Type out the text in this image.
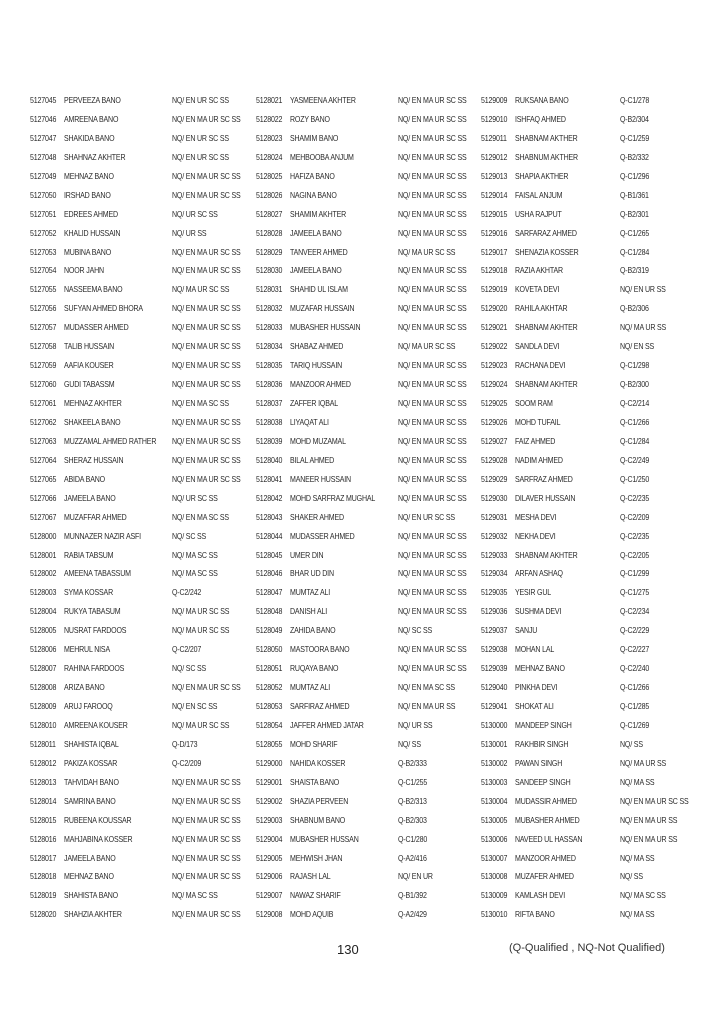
5127045 PERVEEZA BANO	NQ/ EN UR SC SS
5127046 AMREENA BANO	NQ/ EN MA UR SC SS
5127047 SHAKIDA BANO	NQ/ EN UR SC SS
5127048 SHAHNAZ AKHTER	NQ/ EN UR SC SS
5127049 MEHNAZ BANO	NQ/ EN MA UR SC SS
5127050 IRSHAD BANO	NQ/ EN MA UR SC SS
5127051 EDREES AHMED	NQ/ UR SC SS
5127052 KHALID HUSSAIN	NQ/ UR SS
5127053 MUBINA BANO	NQ/ EN MA UR SC SS
5127054 NOOR JAHN	NQ/ EN MA UR SC SS
5127055 NASSEEMA BANO	NQ/ MA UR SC SS
5127056 SUFYAN AHMED BHORA	NQ/ EN MA UR SC SS
5127057 MUDASSER AHMED	NQ/ EN MA UR SC SS
5127058 TALIB HUSSAIN	NQ/ EN MA UR SC SS
5127059 AAFIA KOUSER	NQ/ EN MA UR SC SS
5127060 GUDI TABASSM	NQ/ EN MA UR SC SS
5127061 MEHNAZ AKHTER	NQ/ EN MA SC SS
5127062 SHAKEELA BANO	NQ/ EN MA UR SC SS
5127063 MUZZAMAL AHMED RATHER NQ/ EN MA UR SC SS
5127064 SHERAZ HUSSAIN	NQ/ EN MA UR SC SS
5127065 ABIDA BANO	NQ/ EN MA UR SC SS
5127066 JAMEELA BANO	NQ/ UR SC SS
5127067 MUZAFFAR AHMED	NQ/ EN MA SC SS
5128000 MUNNAZER NAZIR ASFI	NQ/ SC SS
5128001 RABIA TABSUM	NQ/ MA SC SS
5128002 AMEENA TABASSUM	NQ/ MA SC SS
5128003 SYMA KOSSAR	Q-C2/242
5128004 RUKYA TABASUM	NQ/ MA UR SC SS
5128005 NUSRAT FARDOOS	NQ/ MA UR SC SS
5128006 MEHRUL NISA	Q-C2/207
5128007 RAHINA FARDOOS	NQ/ SC SS
5128008 ARIZA BANO	NQ/ EN MA UR SC SS
5128009 ARUJ FAROOQ	NQ/ EN SC SS
5128010 AMREENA KOUSER	NQ/ MA UR SC SS
5128011 SHAHISTA IQBAL	Q-D/173
5128012 PAKIZA KOSSAR	Q-C2/209
5128013 TAHVIDAH BANO	NQ/ EN MA UR SC SS
5128014 SAMRINA BANO	NQ/ EN MA UR SC SS
5128015 RUBEENA KOUSSAR	NQ/ EN MA UR SC SS
5128016 MAHJABINA KOSSER	NQ/ EN MA UR SC SS
5128017 JAMEELA BANO	NQ/ EN MA UR SC SS
5128018 MEHNAZ BANO	NQ/ EN MA UR SC SS
5128019 SHAHISTA BANO	NQ/ MA SC SS
5128020 SHAHZIA AKHTER	NQ/ EN MA UR SC SS
5128021 YASMEENA AKHTER	NQ/ EN MA UR SC SS
5128022 ROZY BANO	NQ/ EN MA UR SC SS
5128023 SHAMIM BANO	NQ/ EN MA UR SC SS
5128024 MEHBOOBA ANJUM	NQ/ EN MA UR SC SS
5128025 HAFIZA BANO	NQ/ EN MA UR SC SS
5128026 NAGINA BANO	NQ/ EN MA UR SC SS
5128027 SHAMIM AKHTER	NQ/ EN MA UR SC SS
5128028 JAMEELA BANO	NQ/ EN MA UR SC SS
5128029 TANVEER AHMED	NQ/ MA UR SC SS
5128030 JAMEELA BANO	NQ/ EN MA UR SC SS
5128031 SHAHID UL ISLAM	NQ/ EN MA UR SC SS
5128032 MUZAFAR HUSSAIN	NQ/ EN MA UR SC SS
5128033 MUBASHER HUSSAIN	NQ/ EN MA UR SC SS
5128034 SHABAZ AHMED	NQ/ MA UR SC SS
5128035 TARIQ HUSSAIN	NQ/ EN MA UR SC SS
5128036 MANZOOR AHMED	NQ/ EN MA UR SC SS
5128037 ZAFFER IQBAL	NQ/ EN MA UR SC SS
5128038 LIYAQAT ALI	NQ/ EN MA UR SC SS
5128039 MOHD MUZAMAL	NQ/ EN MA UR SC SS
5128040 BILAL AHMED	NQ/ EN MA UR SC SS
5128041 MANEER HUSSAIN	NQ/ EN MA UR SC SS
5128042 MOHD SARFRAZ MUGHAL	NQ/ EN MA UR SC SS
5128043 SHAKER AHMED	NQ/ EN UR SC SS
5128044 MUDASSER AHMED	NQ/ EN MA UR SC SS
5128045 UMER DIN	NQ/ EN MA UR SC SS
5128046 BHAR UD DIN	NQ/ EN MA UR SC SS
5128047 MUMTAZ ALI	NQ/ EN MA UR SC SS
5128048 DANISH ALI	NQ/ EN MA UR SC SS
5128049 ZAHIDA BANO	NQ/ SC SS
5128050 MASTOORA BANO	NQ/ EN MA UR SC SS
5128051 RUQAYA BANO	NQ/ EN MA UR SC SS
5128052 MUMTAZ ALI	NQ/ EN MA SC SS
5128053 SARFIRAZ AHMED	NQ/ EN MA UR SS
5128054 JAFFER AHMED JATAR	NQ/ UR SS
5128055 MOHD SHARIF	NQ/ SS
5129000 NAHIDA KOSSER	Q-B2/333
5129001 SHAISTA BANO	Q-C1/255
5129002 SHAZIA PERVEEN	Q-B2/313
5129003 SHABNUM BANO	Q-B2/303
5129004 MUBASHER HUSSAN	Q-C1/280
5129005 MEHWISH JHAN	Q-A2/416
5129006 RAJASH LAL	NQ/ EN UR
5129007 NAWAZ SHARIF	Q-B1/392
5129008 MOHD AQUIB	Q-A2/429
5129009 RUKSANA BANO	Q-C1/278
5129010 ISHFAQ AHMED	Q-B2/304
5129011 SHABNAM AKTHER	Q-C1/259
5129012 SHABNUM AKTHER	Q-B2/332
5129013 SHAPIA AKTHER	Q-C1/296
5129014 FAISAL ANJUM	Q-B1/361
5129015 USHA RAJPUT	Q-B2/301
5129016 SARFARAZ AHMED	Q-C1/265
5129017 SHENAZIA KOSSER	Q-C1/284
5129018 RAZIA AKHTAR	Q-B2/319
5129019 KOVETA DEVI	NQ/ EN UR SS
5129020 RAHILA AKHTAR	Q-B2/306
5129021 SHABNAM AKHTER	NQ/ MA UR SS
5129022 SANDLA DEVI	NQ/ EN SS
5129023 RACHANA DEVI	Q-C1/298
5129024 SHABNAM AKHTER	Q-B2/300
5129025 SOOM RAM	Q-C2/214
5129026 MOHD TUFAIL	Q-C1/266
5129027 FAIZ AHMED	Q-C1/284
5129028 NADIM AHMED	Q-C2/249
5129029 SARFRAZ AHMED	Q-C1/250
5129030 DILAVER HUSSAIN	Q-C2/235
5129031 MESHA DEVI	Q-C2/209
5129032 NEKHA DEVI	Q-C2/235
5129033 SHABNAM AKHTER	Q-C2/205
5129034 ARFAN ASHAQ	Q-C1/299
5129035 YESIR GUL	Q-C1/275
5129036 SUSHMA DEVI	Q-C2/234
5129037 SANJU	Q-C2/229
5129038 MOHAN LAL	Q-C2/227
5129039 MEHNAZ BANO	Q-C2/240
5129040 PINKHA DEVI	Q-C1/266
5129041 SHOKAT ALI	Q-C1/285
5130000 MANDEEP SINGH	Q-C1/269
5130001 RAKHBIR SINGH	NQ/ SS
5130002 PAWAN SINGH	NQ/ MA UR SS
5130003 SANDEEP SINGH	NQ/ MA SS
5130004 MUDASSIR AHMED	NQ/ EN MA UR SC SS
5130005 MUBASHER AHMED	NQ/ EN MA UR SS
5130006 NAVEED UL HASSAN	NQ/ EN MA UR SS
5130007 MANZOOR AHMED	NQ/ MA SS
5130008 MUZAFER AHMED	NQ/ SS
5130009 KAMLASH DEVI	NQ/ MA SC SS
5130010 RIFTA BANO	NQ/ MA SS
130	(Q-Qualified , NQ-Not Qualified)
